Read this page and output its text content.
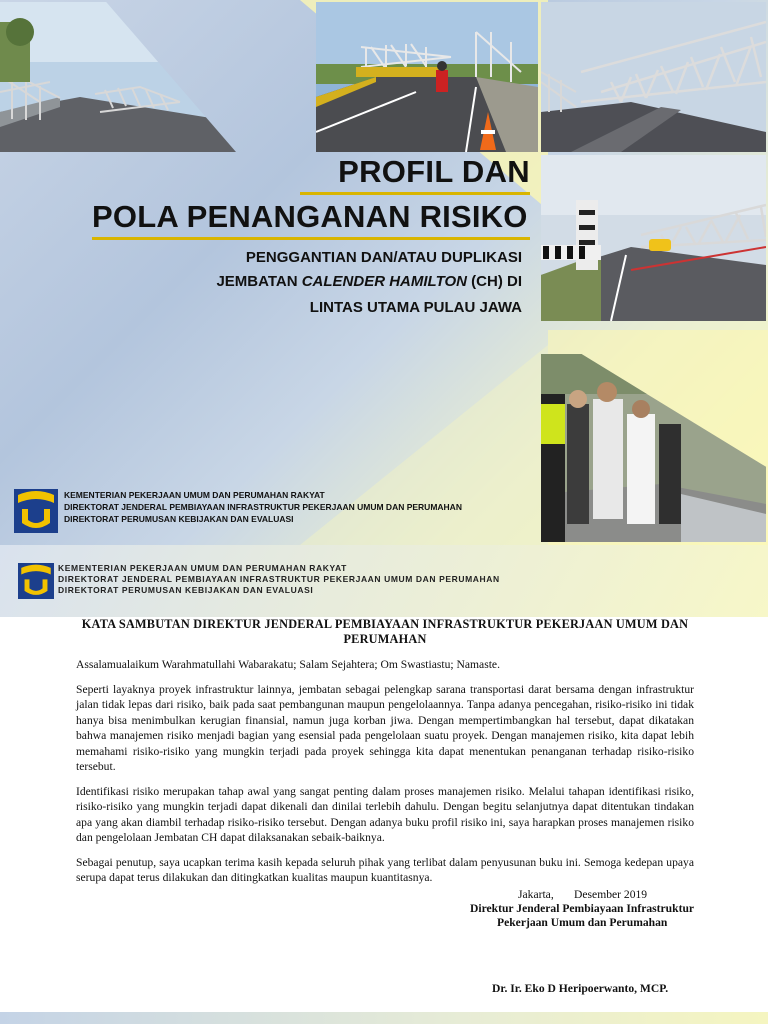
PROFIL DAN
POLA PENANGANAN RISIKO
PENGGANTIAN DAN/ATAU DUPLIKASI
JEMBATAN CALENDER HAMILTON (CH) DI
LINTAS UTAMA PULAU JAWA
KEMENTERIAN PEKERJAAN UMUM DAN PERUMAHAN RAKYAT
DIREKTORAT JENDERAL PEMBIAYAAN INFRASTRUKTUR PEKERJAAN UMUM DAN PERUMAHAN
DIREKTORAT PERUMUSAN KEBIJAKAN DAN EVALUASI
KEMENTERIAN PEKERJAAN UMUM DAN PERUMAHAN RAKYAT
DIREKTORAT JENDERAL PEMBIAYAAN INFRASTRUKTUR PEKERJAAN UMUM DAN PERUMAHAN
DIREKTORAT PERUMUSAN KEBIJAKAN DAN EVALUASI
KATA SAMBUTAN DIREKTUR JENDERAL PEMBIAYAAN INFRASTRUKTUR PEKERJAAN UMUM DAN PERUMAHAN

Assalamualaikum Warahmatullahi Wabarakatu; Salam Sejahtera; Om Swastiastu; Namaste.

Seperti layaknya proyek infrastruktur lainnya, jembatan sebagai pelengkap sarana transportasi darat bersama dengan infrastruktur jalan tidak lepas dari risiko, baik pada saat pembangunan maupun pengelolaannya. Tanpa adanya pencegahan, risiko-risiko ini tidak hanya bisa menimbulkan kerugian finansial, namun juga korban jiwa. Dengan mempertimbangkan hal tersebut, dapat dikatakan bahwa manajemen risiko menjadi bagian yang esensial pada pengelolaan suatu proyek. Dengan manajemen risiko, kita dapat lebih memahami risiko-risiko yang mungkin terjadi pada proyek sehingga kita dapat menentukan penanganan terhadap risiko-risiko tersebut.

Identifikasi risiko merupakan tahap awal yang sangat penting dalam proses manajemen risiko. Melalui tahapan identifikasi risiko, risiko-risiko yang mungkin terjadi dapat dikenali dan dinilai terlebih dahulu. Dengan begitu selanjutnya dapat ditentukan tindakan apa yang akan diambil terhadap risiko-risiko tersebut. Dengan adanya buku profil risiko ini, saya harapkan proses manajemen risiko dan pengelolaan Jembatan CH dapat dilaksanakan sebaik-baiknya.

Sebagai penutup, saya ucapkan terima kasih kepada seluruh pihak yang terlibat dalam penyusunan buku ini. Semoga kedepan upaya serupa dapat terus dilakukan dan ditingkatkan kualitas maupun kuantitasnya.

Jakarta,       Desember 2019
Direktur Jenderal Pembiayaan Infrastruktur
Pekerjaan Umum dan Perumahan
Dr. Ir. Eko D Heripoerwanto, MCP.
